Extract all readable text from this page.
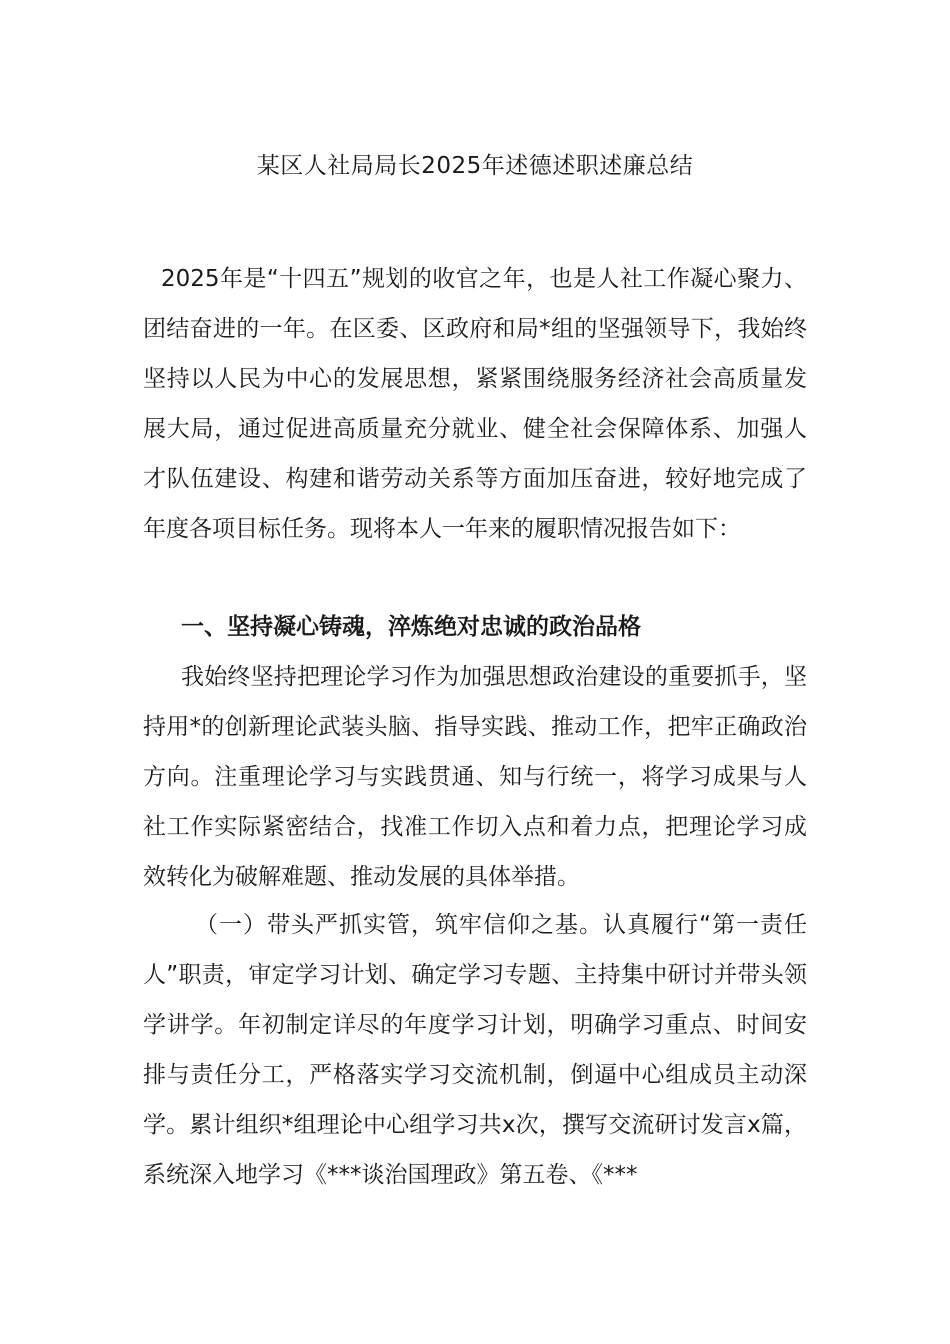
某区人社局局长2025年述德述职述廉总结

2025年是“十四五”规划的收官之年，也是人社工作凝心聚力、团结奋进的一年。在区委、区政府和局*组的坚强领导下，我始终坚持以人民为中心的发展思想，紧紧围绕服务经济社会高质量发展大局，通过促进高质量充分就业、健全社会保障体系、加强人才队伍建设、构建和谐劳动关系等方面加压奋进，较好地完成了年度各项目标任务。现将本人一年来的履职情况报告如下：

一、坚持凝心铸魂，淬炼绝对忠诚的政治品格

我始终坚持把理论学习作为加强思想政治建设的重要抓手，坚持用*的创新理论武装头脑、指导实践、推动工作，把牢正确政治方向。注重理论学习与实践贯通、知与行统一，将学习成果与人社工作实际紧密结合，找准工作切入点和着力点，把理论学习成效转化为破解难题、推动发展的具体举措。

（一）带头严抓实管，筑牢信仰之基。认真履行“第一责任人”职责，审定学习计划、确定学习专题、主持集中研讨并带头领学讲学。年初制定详尽的年度学习计划，明确学习重点、时间安排与责任分工，严格落实学习交流机制，倒逼中心组成员主动深学。累计组织*组理论中心组学习共x次，撰写交流研讨发言x篇，系统深入地学习《***谈治国理政》第五卷、《***
